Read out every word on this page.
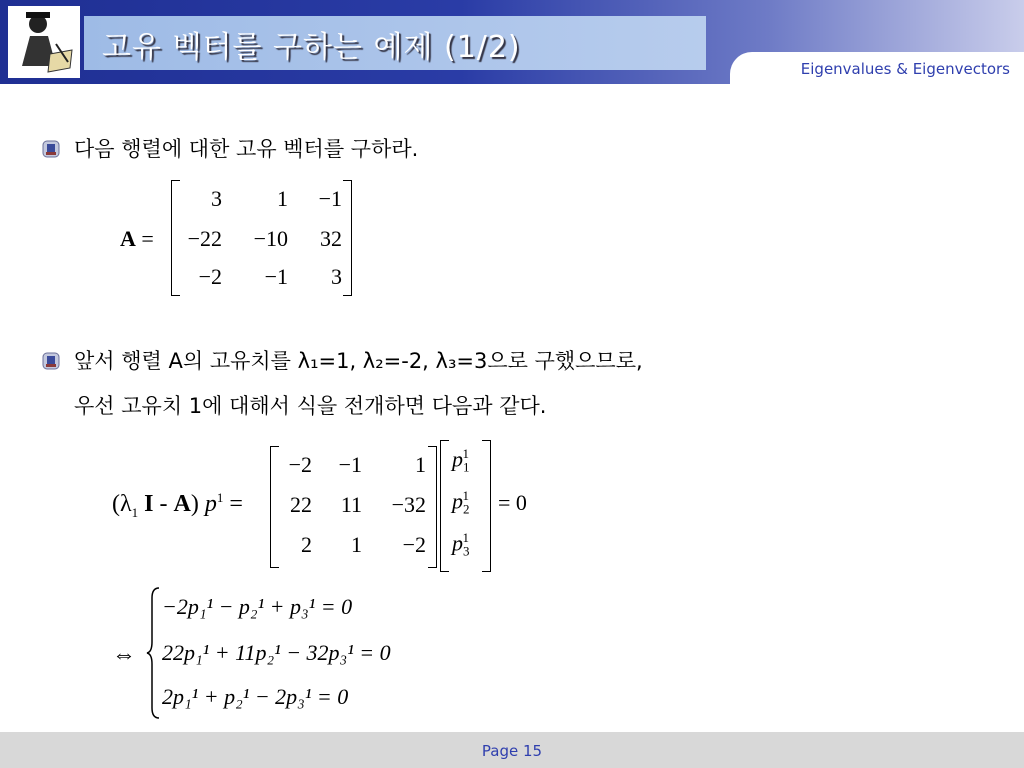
고유 벡터를 구하는 예제 (1/2)
Eigenvalues & Eigenvectors
다음 행렬에 대한 고유 벡터를 구하라.
A =
3	1	−1
−22	−10	32
−2	−1	3
앞서 행렬 A의 고유치를 λ₁=1, λ₂=-2, λ₃=3으로 구했으므로,
우선 고유치 1에 대해서 식을 전개하면 다음과 같다.
($\lambda_1$ I - A) $p^1$ =
−2	−1	1
22	11	−32
2	1	−2
$p_1^1$
$p_2^1$
$p_3^1$
= 0
⇔
−2p₁¹ − p₂¹ + p₃¹ = 0
22p₁¹ + 11p₂¹ − 32p₃¹ = 0
2p₁¹ + p₂¹ − 2p₃¹ = 0
Page 15
